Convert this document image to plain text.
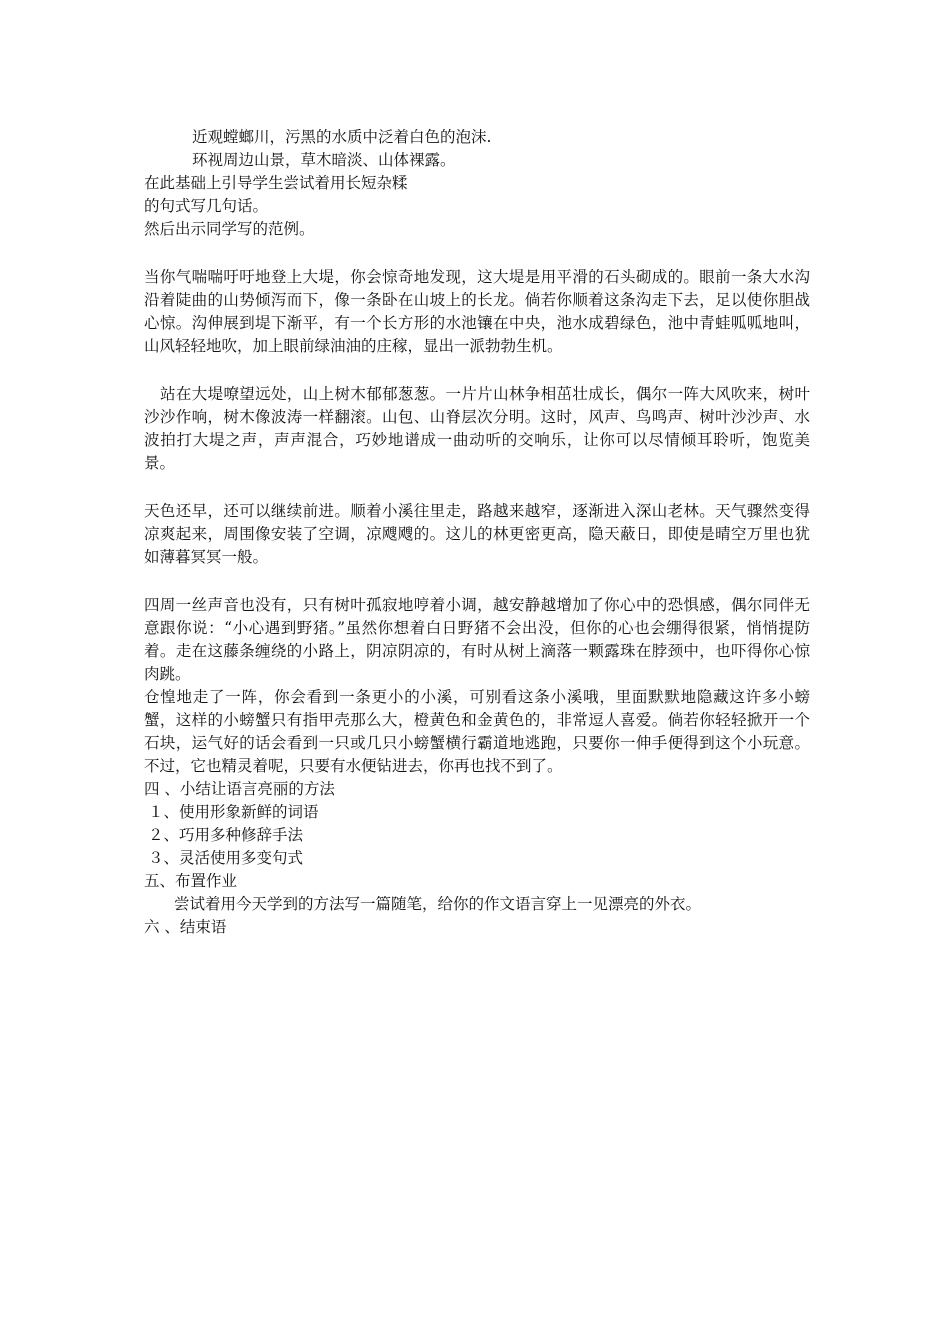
近观螳螂川，污黑的水质中泛着白色的泡沫.
环视周边山景，草木暗淡、山体裸露。
在此基础上引导学生尝试着用长短杂糅
的句式写几句话。
然后出示同学写的范例。

当你气喘喘吁吁地登上大堤，你会惊奇地发现，这大堤是用平滑的石头砌成的。眼前一条大水沟沿着陡曲的山势倾泻而下，像一条卧在山坡上的长龙。倘若你顺着这条沟走下去，足以使你胆战心惊。沟伸展到堤下渐平，有一个长方形的水池镶在中央，池水成碧绿色，池中青蛙呱呱地叫，山风轻轻地吹，加上眼前绿油油的庄稼，显出一派勃勃生机。

站在大堤嘹望远处，山上树木郁郁葱葱。一片片山林争相茁壮成长，偶尔一阵大风吹来，树叶沙沙作响，树木像波涛一样翻滚。山包、山脊层次分明。这时，风声、鸟鸣声、树叶沙沙声、水波拍打大堤之声，声声混合，巧妙地谱成一曲动听的交响乐，让你可以尽情倾耳聆听，饱览美景。

天色还早，还可以继续前进。顺着小溪往里走，路越来越窄，逐渐进入深山老林。天气骤然变得凉爽起来，周围像安装了空调，凉飕飕的。这儿的林更密更高，隐天蔽日，即使是晴空万里也犹如薄暮冥冥一般。

四周一丝声音也没有，只有树叶孤寂地哼着小调，越安静越增加了你心中的恐惧感，偶尔同伴无意跟你说：“小心遇到野猪。”虽然你想着白日野猪不会出没，但你的心也会绷得很紧，悄悄提防着。走在这藤条缠绕的小路上，阴凉阴凉的，有时从树上滴落一颗露珠在脖颈中，也吓得你心惊肉跳。

仓惶地走了一阵，你会看到一条更小的小溪，可别看这条小溪哦，里面默默地隐藏这许多小螃蟹，这样的小螃蟹只有指甲壳那么大，橙黄色和金黄色的，非常逗人喜爱。倘若你轻轻掀开一个石块，运气好的话会看到一只或几只小螃蟹横行霸道地逃跑，只要你一伸手便得到这个小玩意。不过，它也精灵着呢，只要有水便钻进去，你再也找不到了。

四 、小结让语言亮丽的方法
１、使用形象新鲜的词语
２、巧用多种修辞手法
３、灵活使用多变句式
五、布置作业
尝试着用今天学到的方法写一篇随笔，给你的作文语言穿上一见漂亮的外衣。
六 、结束语
